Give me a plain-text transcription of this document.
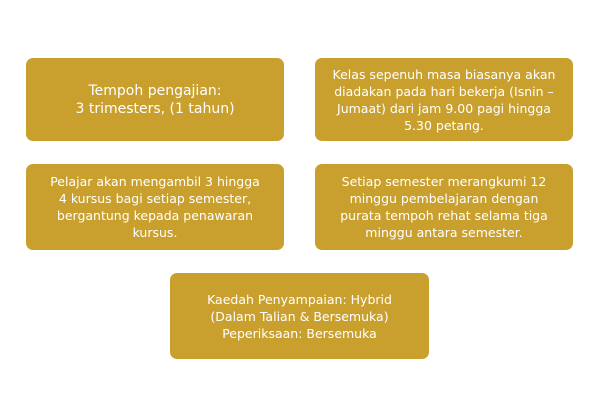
Tempoh pengajian:
3 trimesters, (1 tahun)
Kelas sepenuh masa biasanya akan
diadakan pada hari bekerja (Isnin –
Jumaat) dari jam 9.00 pagi hingga
5.30 petang.
Pelajar akan mengambil 3 hingga
4 kursus bagi setiap semester,
bergantung kepada penawaran
kursus.
Setiap semester merangkumi 12
minggu pembelajaran dengan
purata tempoh rehat selama tiga
minggu antara semester.
Kaedah Penyampaian: Hybrid
(Dalam Talian & Bersemuka)
Peperiksaan: Bersemuka
